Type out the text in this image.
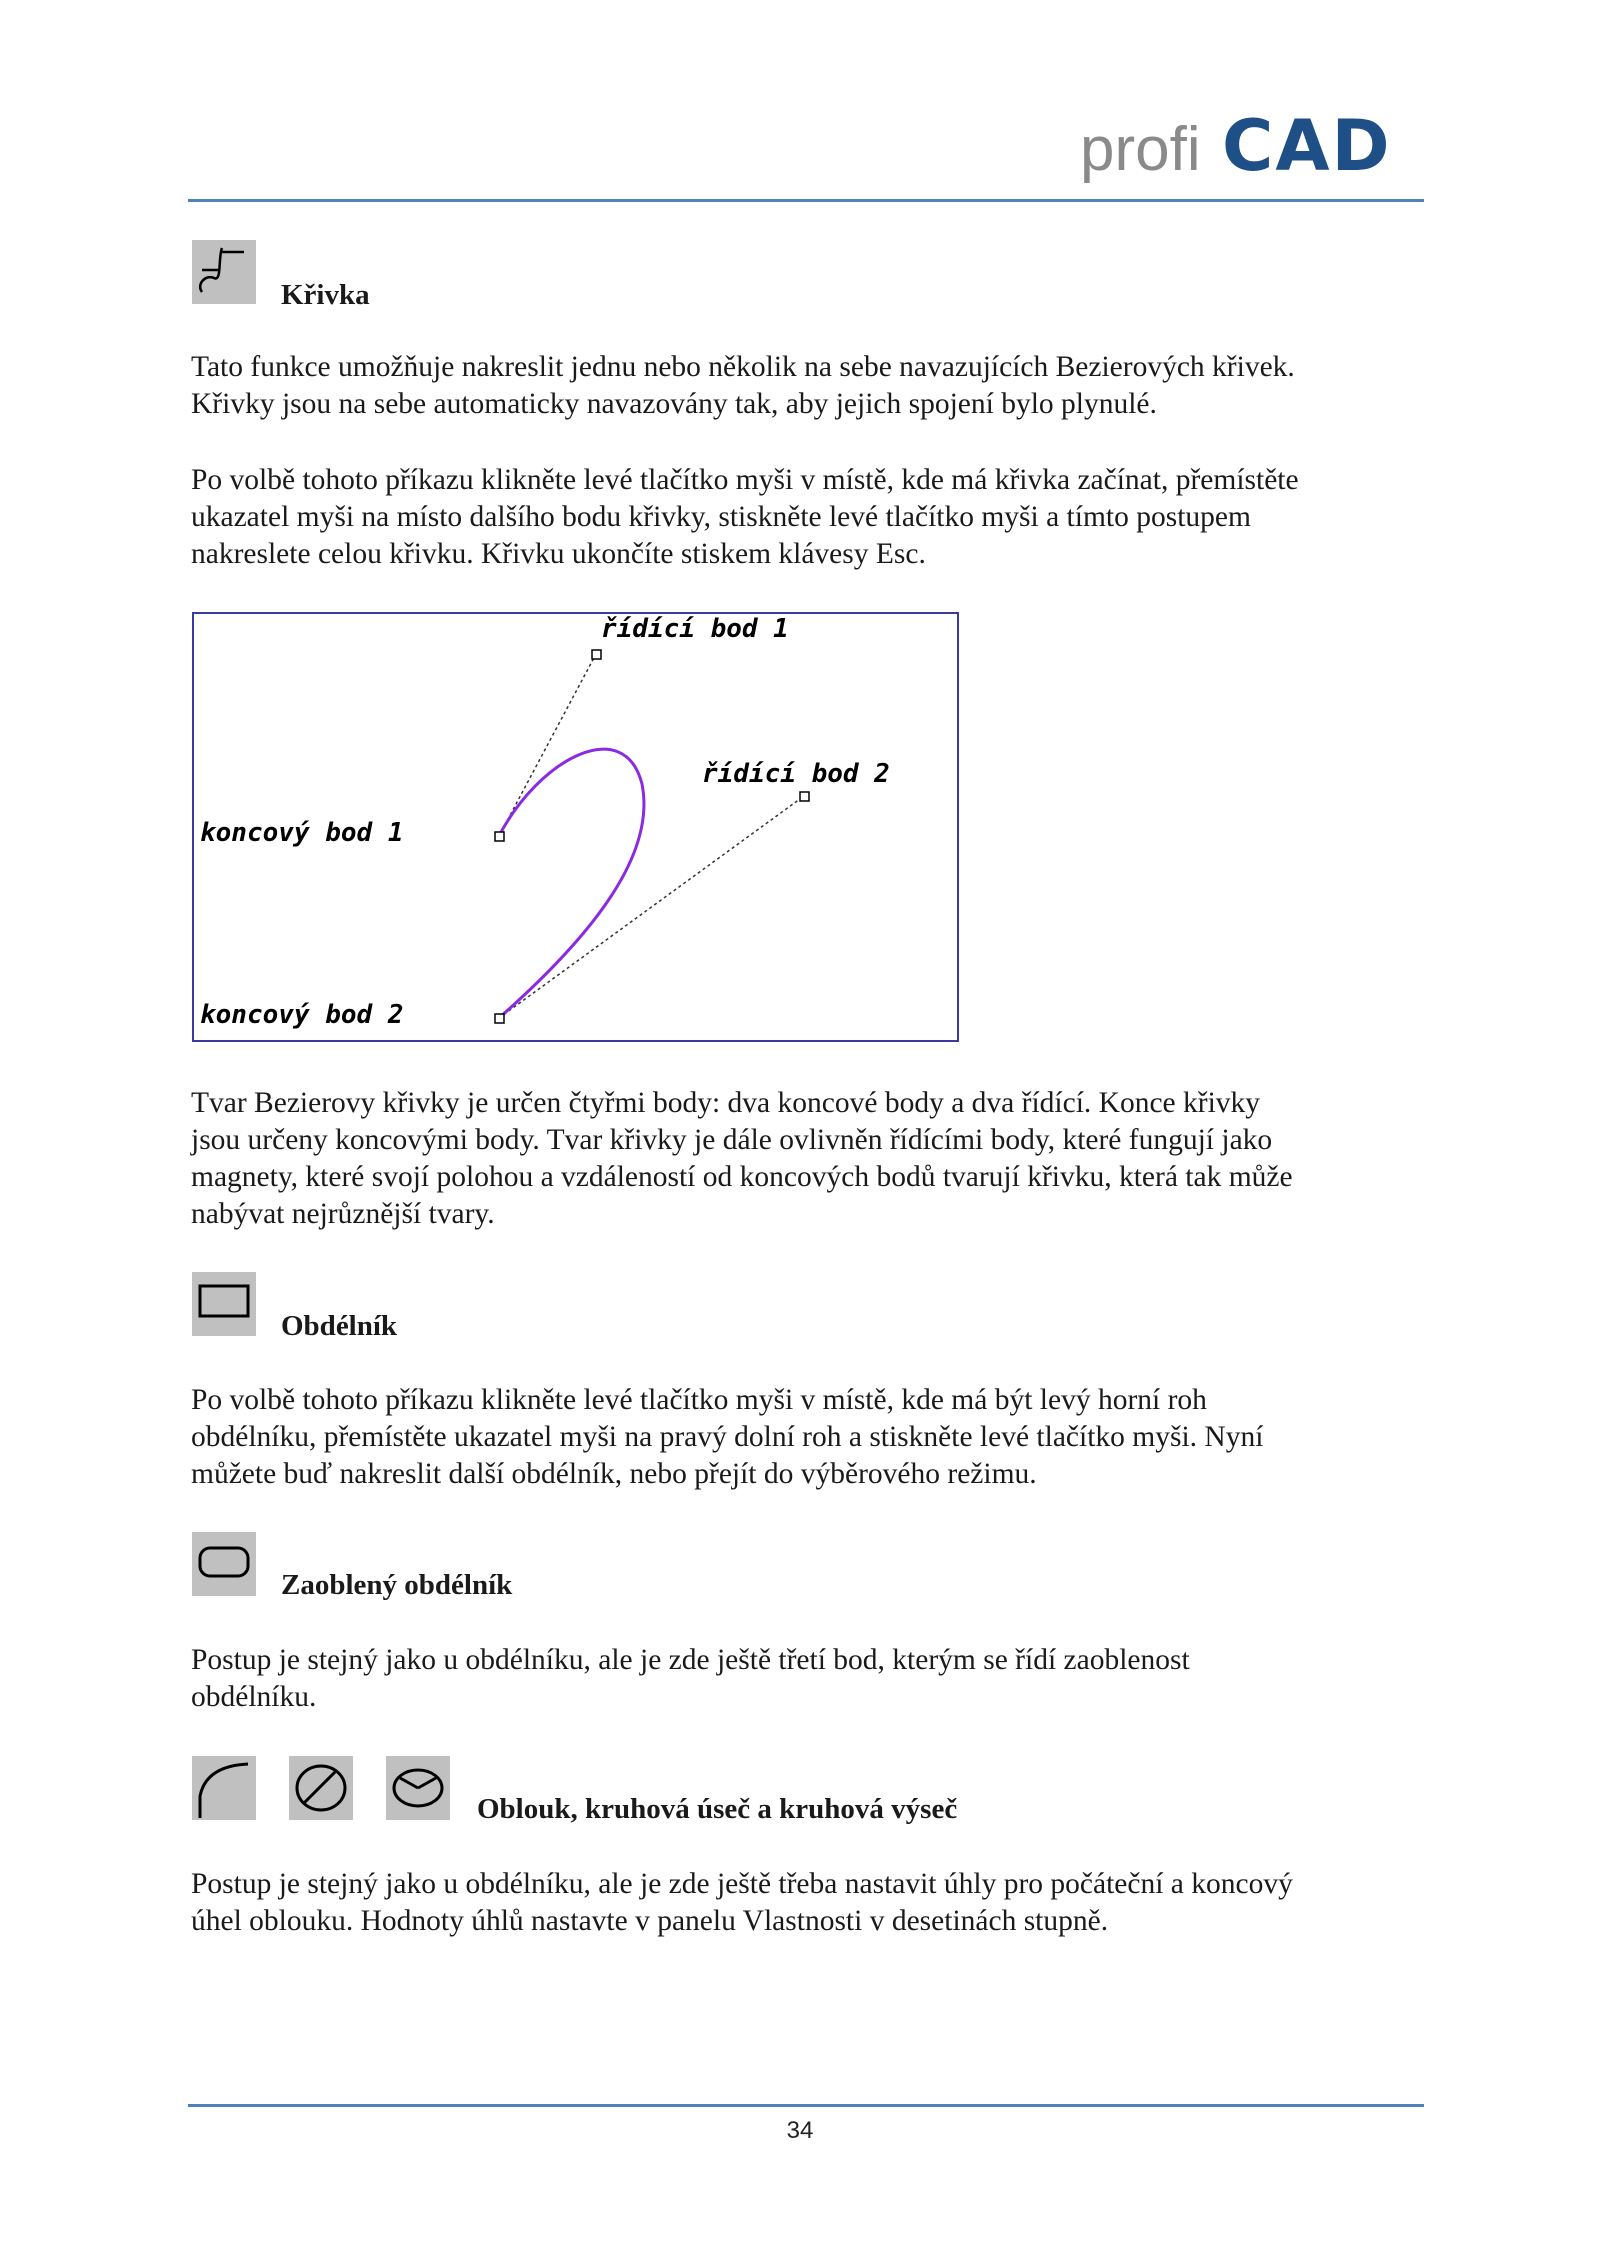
profi CAD
Křivka

Tato funkce umožňuje nakreslit jednu nebo několik na sebe navazujících Bezierových křivek.
Křivky jsou na sebe automaticky navazovány tak, aby jejich spojení bylo plynulé.

Po volbě tohoto příkazu klikněte levé tlačítko myši v místě, kde má křivka začínat, přemístěte
ukazatel myši na místo dalšího bodu křivky, stiskněte levé tlačítko myši a tímto postupem
nakreslete celou křivku. Křivku ukončíte stiskem klávesy Esc.

řídící bod 1
řídící bod 2
koncový bod 1
koncový bod 2

Tvar Bezierovy křivky je určen čtyřmi body: dva koncové body a dva řídící. Konce křivky
jsou určeny koncovými body. Tvar křivky je dále ovlivněn řídícími body, které fungují jako
magnety, které svojí polohou a vzdáleností od koncových bodů tvarují křivku, která tak může
nabývat nejrůznější tvary.

Obdélník

Po volbě tohoto příkazu klikněte levé tlačítko myši v místě, kde má být levý horní roh
obdélníku, přemístěte ukazatel myši na pravý dolní roh a stiskněte levé tlačítko myši. Nyní
můžete buď nakreslit další obdélník, nebo přejít do výběrového režimu.

Zaoblený obdélník

Postup je stejný jako u obdélníku, ale je zde ještě třetí bod, kterým se řídí zaoblenost
obdélníku.

Oblouk, kruhová úseč a kruhová výseč

Postup je stejný jako u obdélníku, ale je zde ještě třeba nastavit úhly pro počáteční a koncový
úhel oblouku. Hodnoty úhlů nastavte v panelu Vlastnosti v desetinách stupně.

34
